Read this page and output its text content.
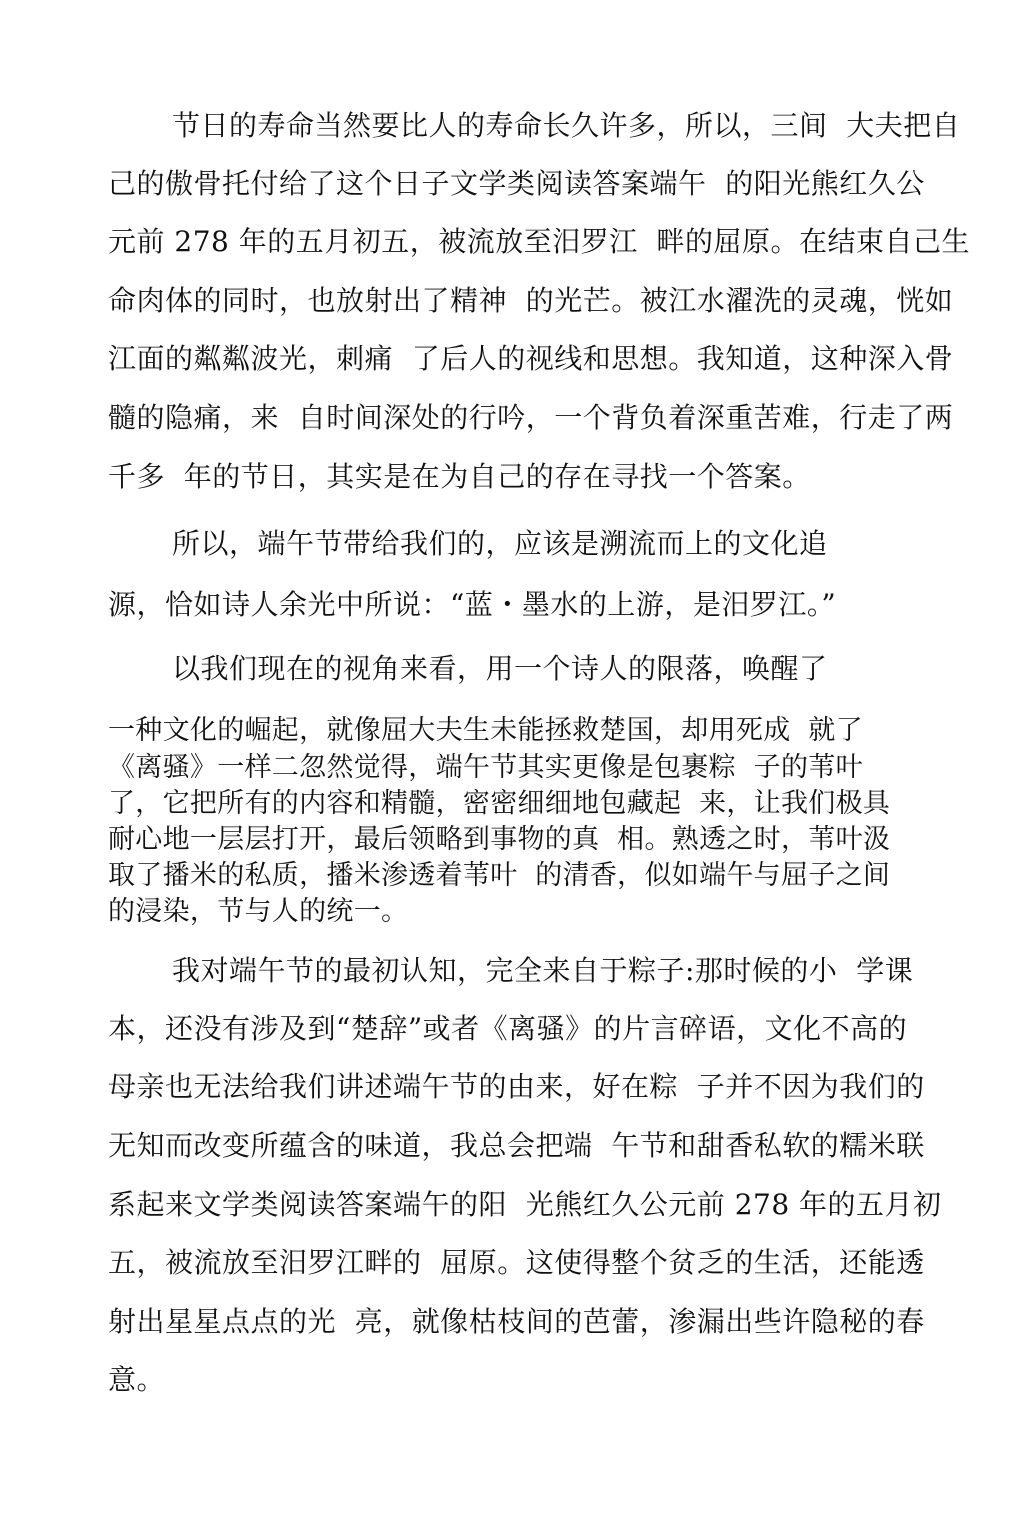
节日的寿命当然要比人的寿命长久许多，所以，三间  大夫把自
己的傲骨托付给了这个日子文学类阅读答案端午  的阳光熊红久公
元前 278 年的五月初五，被流放至汨罗江  畔的屈原。在结束自己生
命肉体的同时，也放射出了精神  的光芒。被江水濯洗的灵魂，恍如
江面的粼粼波光，刺痛  了后人的视线和思想。我知道，这种深入骨
髓的隐痛，来  自时间深处的行吟，一个背负着深重苦难，行走了两
千多  年的节日，其实是在为自己的存在寻找一个答案。
所以，端午节带给我们的，应该是溯流而上的文化追
源，恰如诗人余光中所说：“蓝・墨水的上游，是汨罗江。”
以我们现在的视角来看，用一个诗人的限落，唤醒了
一种文化的崛起，就像屈大夫生未能拯救楚国，却用死成  就了
《离骚》一样二忽然觉得，端午节其实更像是包裹粽  子的苇叶
了，它把所有的内容和精髓，密密细细地包藏起  来，让我们极具
耐心地一层层打开，最后领略到事物的真  相。熟透之时，苇叶汲
取了播米的私质，播米渗透着苇叶  的清香，似如端午与屈子之间
的浸染，节与人的统一。
我对端午节的最初认知，完全来自于粽子:那时候的小  学课
本，还没有涉及到“楚辞”或者《离骚》的片言碎语，文化不高的
母亲也无法给我们讲述端午节的由来，好在粽  子并不因为我们的
无知而改变所蕴含的味道，我总会把端  午节和甜香私软的糯米联
系起来文学类阅读答案端午的阳  光熊红久公元前 278 年的五月初
五，被流放至汨罗江畔的  屈原。这使得整个贫乏的生活，还能透
射出星星点点的光  亮，就像枯枝间的芭蕾，渗漏出些许隐秘的春
意。
